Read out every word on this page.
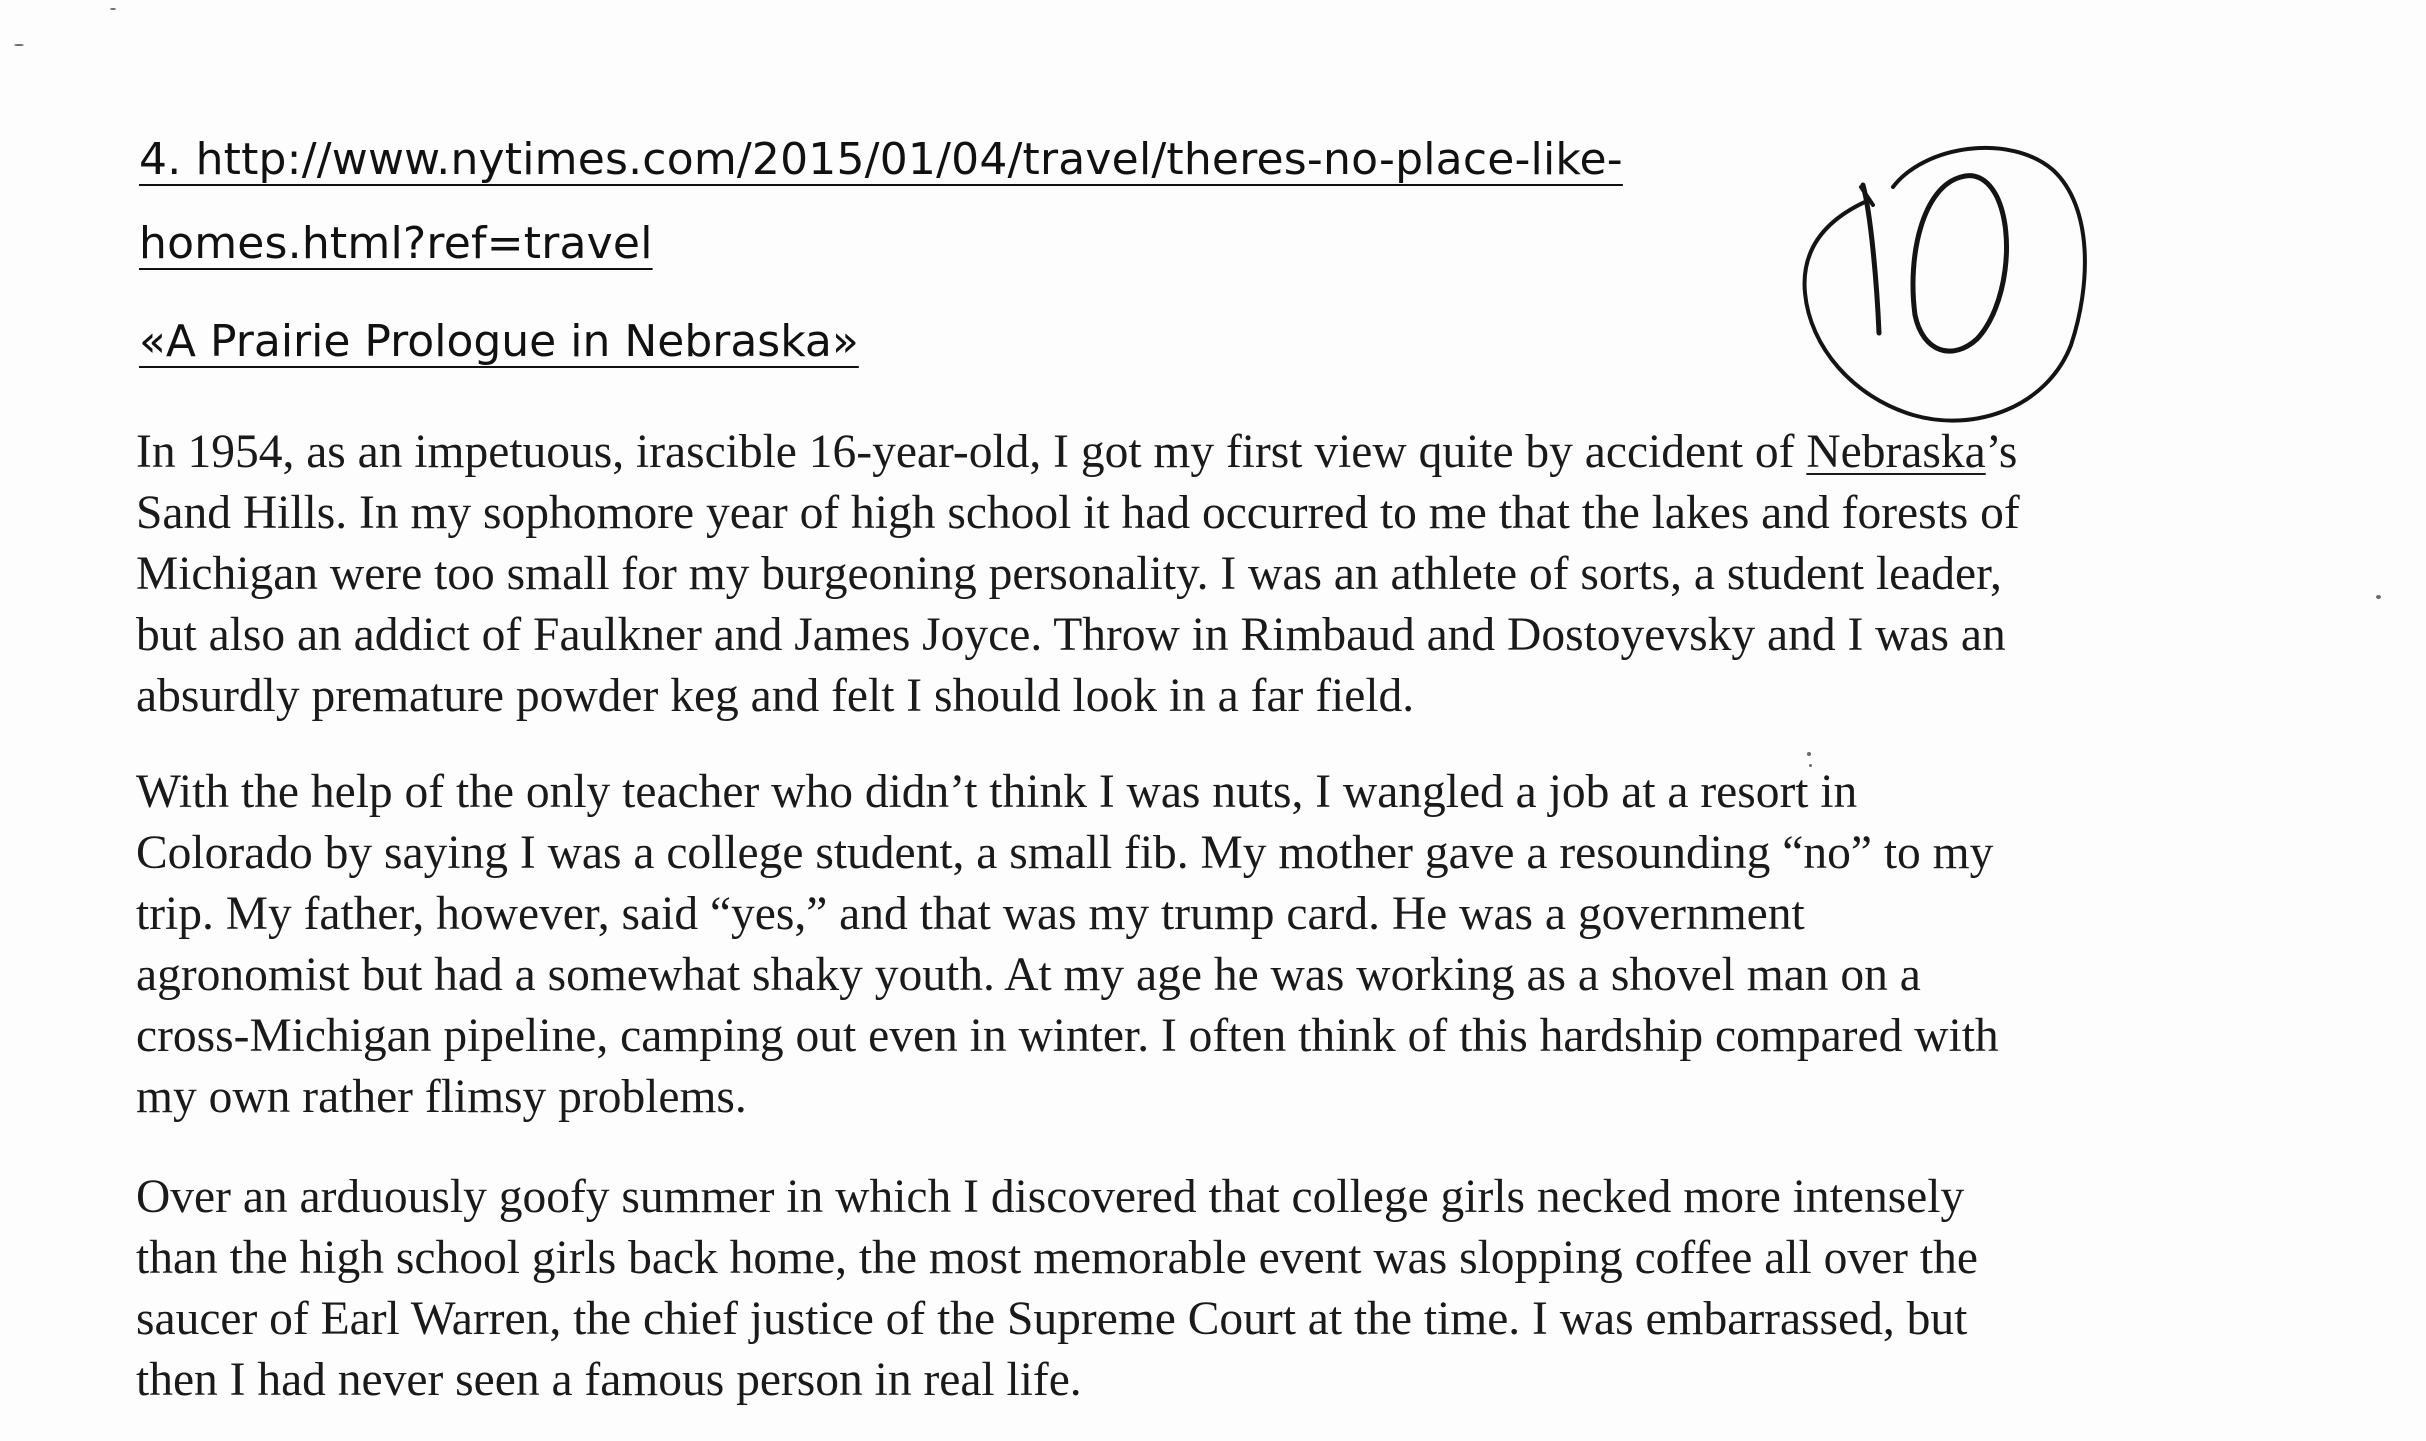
4. http://www.nytimes.com/2015/01/04/travel/theres-no-place-like-
homes.html?ref=travel
«A Prairie Prologue in Nebraska»
10

In 1954, as an impetuous, irascible 16-year-old, I got my first view quite by accident of Nebraska’s
Sand Hills. In my sophomore year of high school it had occurred to me that the lakes and forests of
Michigan were too small for my burgeoning personality. I was an athlete of sorts, a student leader,
but also an addict of Faulkner and James Joyce. Throw in Rimbaud and Dostoyevsky and I was an
absurdly premature powder keg and felt I should look in a far field.

With the help of the only teacher who didn’t think I was nuts, I wangled a job at a resort in
Colorado by saying I was a college student, a small fib. My mother gave a resounding “no” to my
trip. My father, however, said “yes,” and that was my trump card. He was a government
agronomist but had a somewhat shaky youth. At my age he was working as a shovel man on a
cross-Michigan pipeline, camping out even in winter. I often think of this hardship compared with
my own rather flimsy problems.

Over an arduously goofy summer in which I discovered that college girls necked more intensely
than the high school girls back home, the most memorable event was slopping coffee all over the
saucer of Earl Warren, the chief justice of the Supreme Court at the time. I was embarrassed, but
then I had never seen a famous person in real life.
